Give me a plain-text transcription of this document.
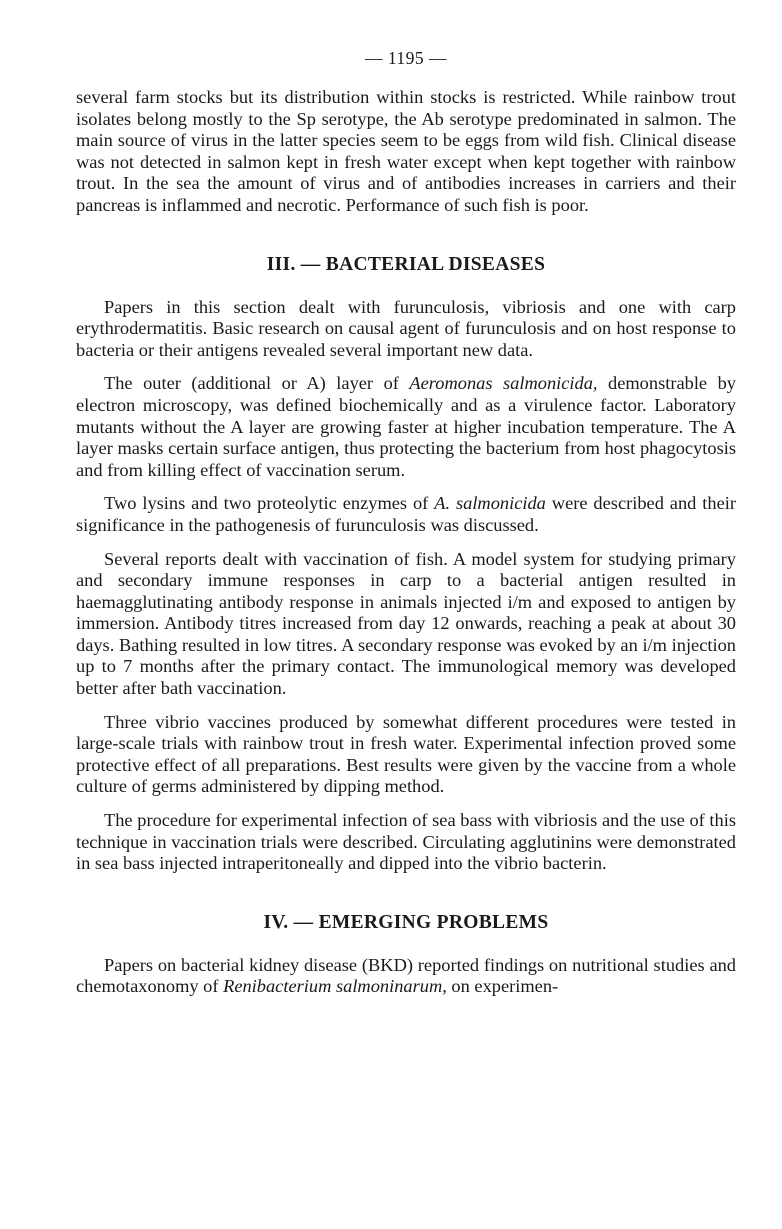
— 1195 —

several farm stocks but its distribution within stocks is restricted. While rainbow trout isolates belong mostly to the Sp serotype, the Ab serotype predominated in salmon. The main source of virus in the latter species seem to be eggs from wild fish. Clinical disease was not detected in salmon kept in fresh water except when kept together with rainbow trout. In the sea the amount of virus and of antibodies increases in carriers and their pancreas is inflammed and necrotic. Performance of such fish is poor.

III. — BACTERIAL DISEASES

Papers in this section dealt with furunculosis, vibriosis and one with carp erythrodermatitis. Basic research on causal agent of furunculosis and on host response to bacteria or their antigens revealed several important new data.

The outer (additional or A) layer of Aeromonas salmonicida, demonstrable by electron microscopy, was defined biochemically and as a virulence factor. Laboratory mutants without the A layer are growing faster at higher incubation temperature. The A layer masks certain surface antigen, thus protecting the bacterium from host phagocytosis and from killing effect of vaccination serum.

Two lysins and two proteolytic enzymes of A. salmonicida were described and their significance in the pathogenesis of furunculosis was discussed.

Several reports dealt with vaccination of fish. A model system for studying primary and secondary immune responses in carp to a bacterial antigen resulted in haemagglutinating antibody response in animals injected i/m and exposed to antigen by immersion. Antibody titres increased from day 12 onwards, reaching a peak at about 30 days. Bathing resulted in low titres. A secondary response was evoked by an i/m injection up to 7 months after the primary contact. The immunological memory was developed better after bath vaccination.

Three vibrio vaccines produced by somewhat different procedures were tested in large-scale trials with rainbow trout in fresh water. Experimental infection proved some protective effect of all preparations. Best results were given by the vaccine from a whole culture of germs administered by dipping method.

The procedure for experimental infection of sea bass with vibriosis and the use of this technique in vaccination trials were described. Circulating agglutinins were demonstrated in sea bass injected intraperitoneally and dipped into the vibrio bacterin.

IV. — EMERGING PROBLEMS

Papers on bacterial kidney disease (BKD) reported findings on nutritional studies and chemotaxonomy of Renibacterium salmoninarum, on experimen-
